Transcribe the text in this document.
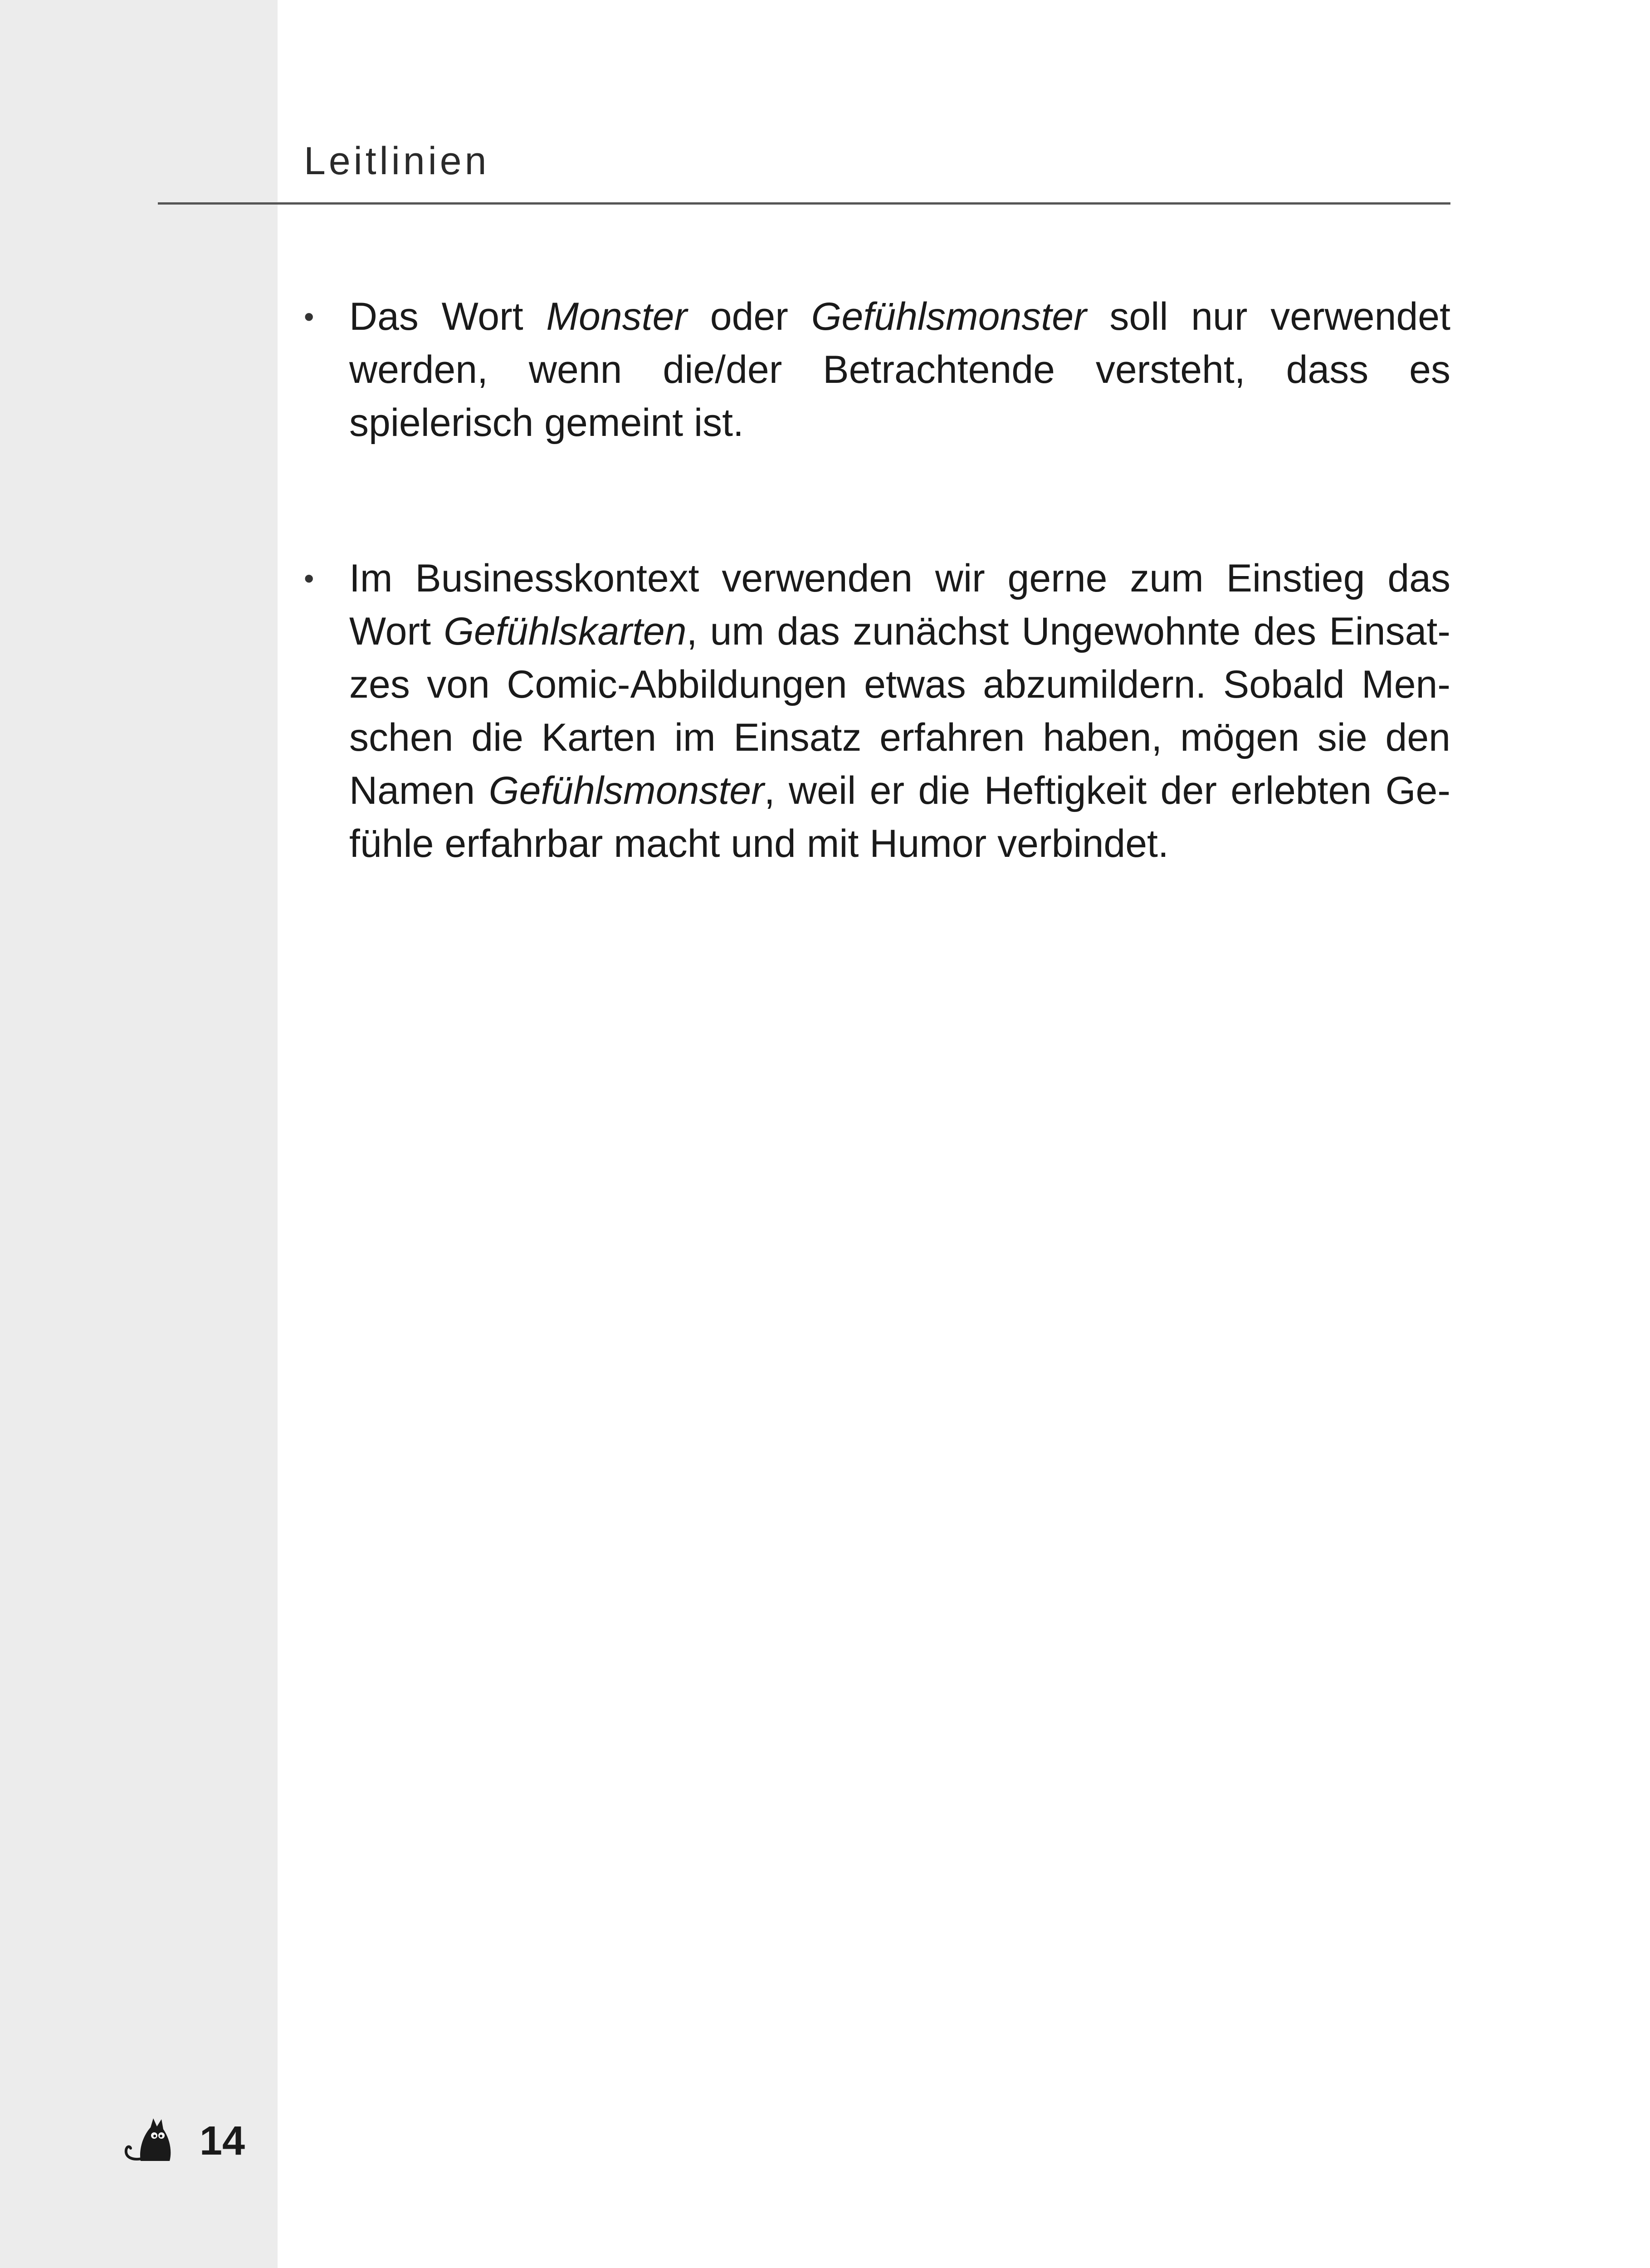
Leitlinien
• Das Wort Monster oder Gefühlsmonster soll nur verwendet werden, wenn die/der Betrachtende versteht, dass es spielerisch gemeint ist.
• Im Businesskontext verwenden wir gerne zum Einstieg das Wort Gefühlskarten, um das zunächst Ungewohnte des Einsatzes von Comic-Abbildungen etwas abzumildern. Sobald Menschen die Karten im Einsatz erfahren haben, mögen sie den Namen Gefühlsmonster, weil er die Heftigkeit der erlebten Gefühle erfahrbar macht und mit Humor verbindet.
14
